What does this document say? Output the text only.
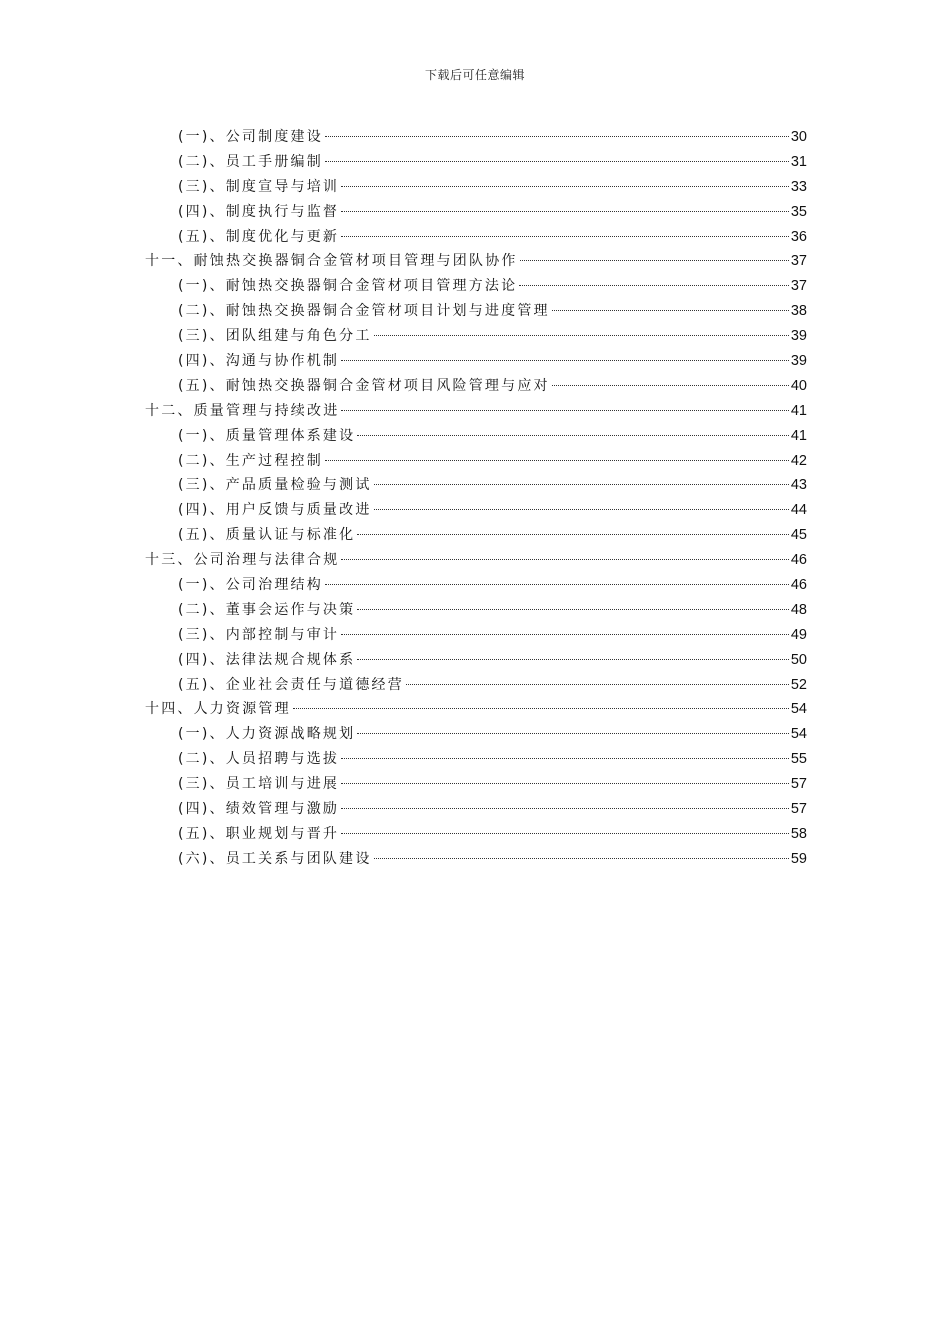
下载后可任意编辑
(一)、公司制度建设	30
(二)、员工手册编制	31
(三)、制度宣导与培训	33
(四)、制度执行与监督	35
(五)、制度优化与更新	36
十一、耐蚀热交换器铜合金管材项目管理与团队协作	37
(一)、耐蚀热交换器铜合金管材项目管理方法论	37
(二)、耐蚀热交换器铜合金管材项目计划与进度管理	38
(三)、团队组建与角色分工	39
(四)、沟通与协作机制	39
(五)、耐蚀热交换器铜合金管材项目风险管理与应对	40
十二、质量管理与持续改进	41
(一)、质量管理体系建设	41
(二)、生产过程控制	42
(三)、产品质量检验与测试	43
(四)、用户反馈与质量改进	44
(五)、质量认证与标准化	45
十三、公司治理与法律合规	46
(一)、公司治理结构	46
(二)、董事会运作与决策	48
(三)、内部控制与审计	49
(四)、法律法规合规体系	50
(五)、企业社会责任与道德经营	52
十四、人力资源管理	54
(一)、人力资源战略规划	54
(二)、人员招聘与选拔	55
(三)、员工培训与进展	57
(四)、绩效管理与激励	57
(五)、职业规划与晋升	58
(六)、员工关系与团队建设	59
